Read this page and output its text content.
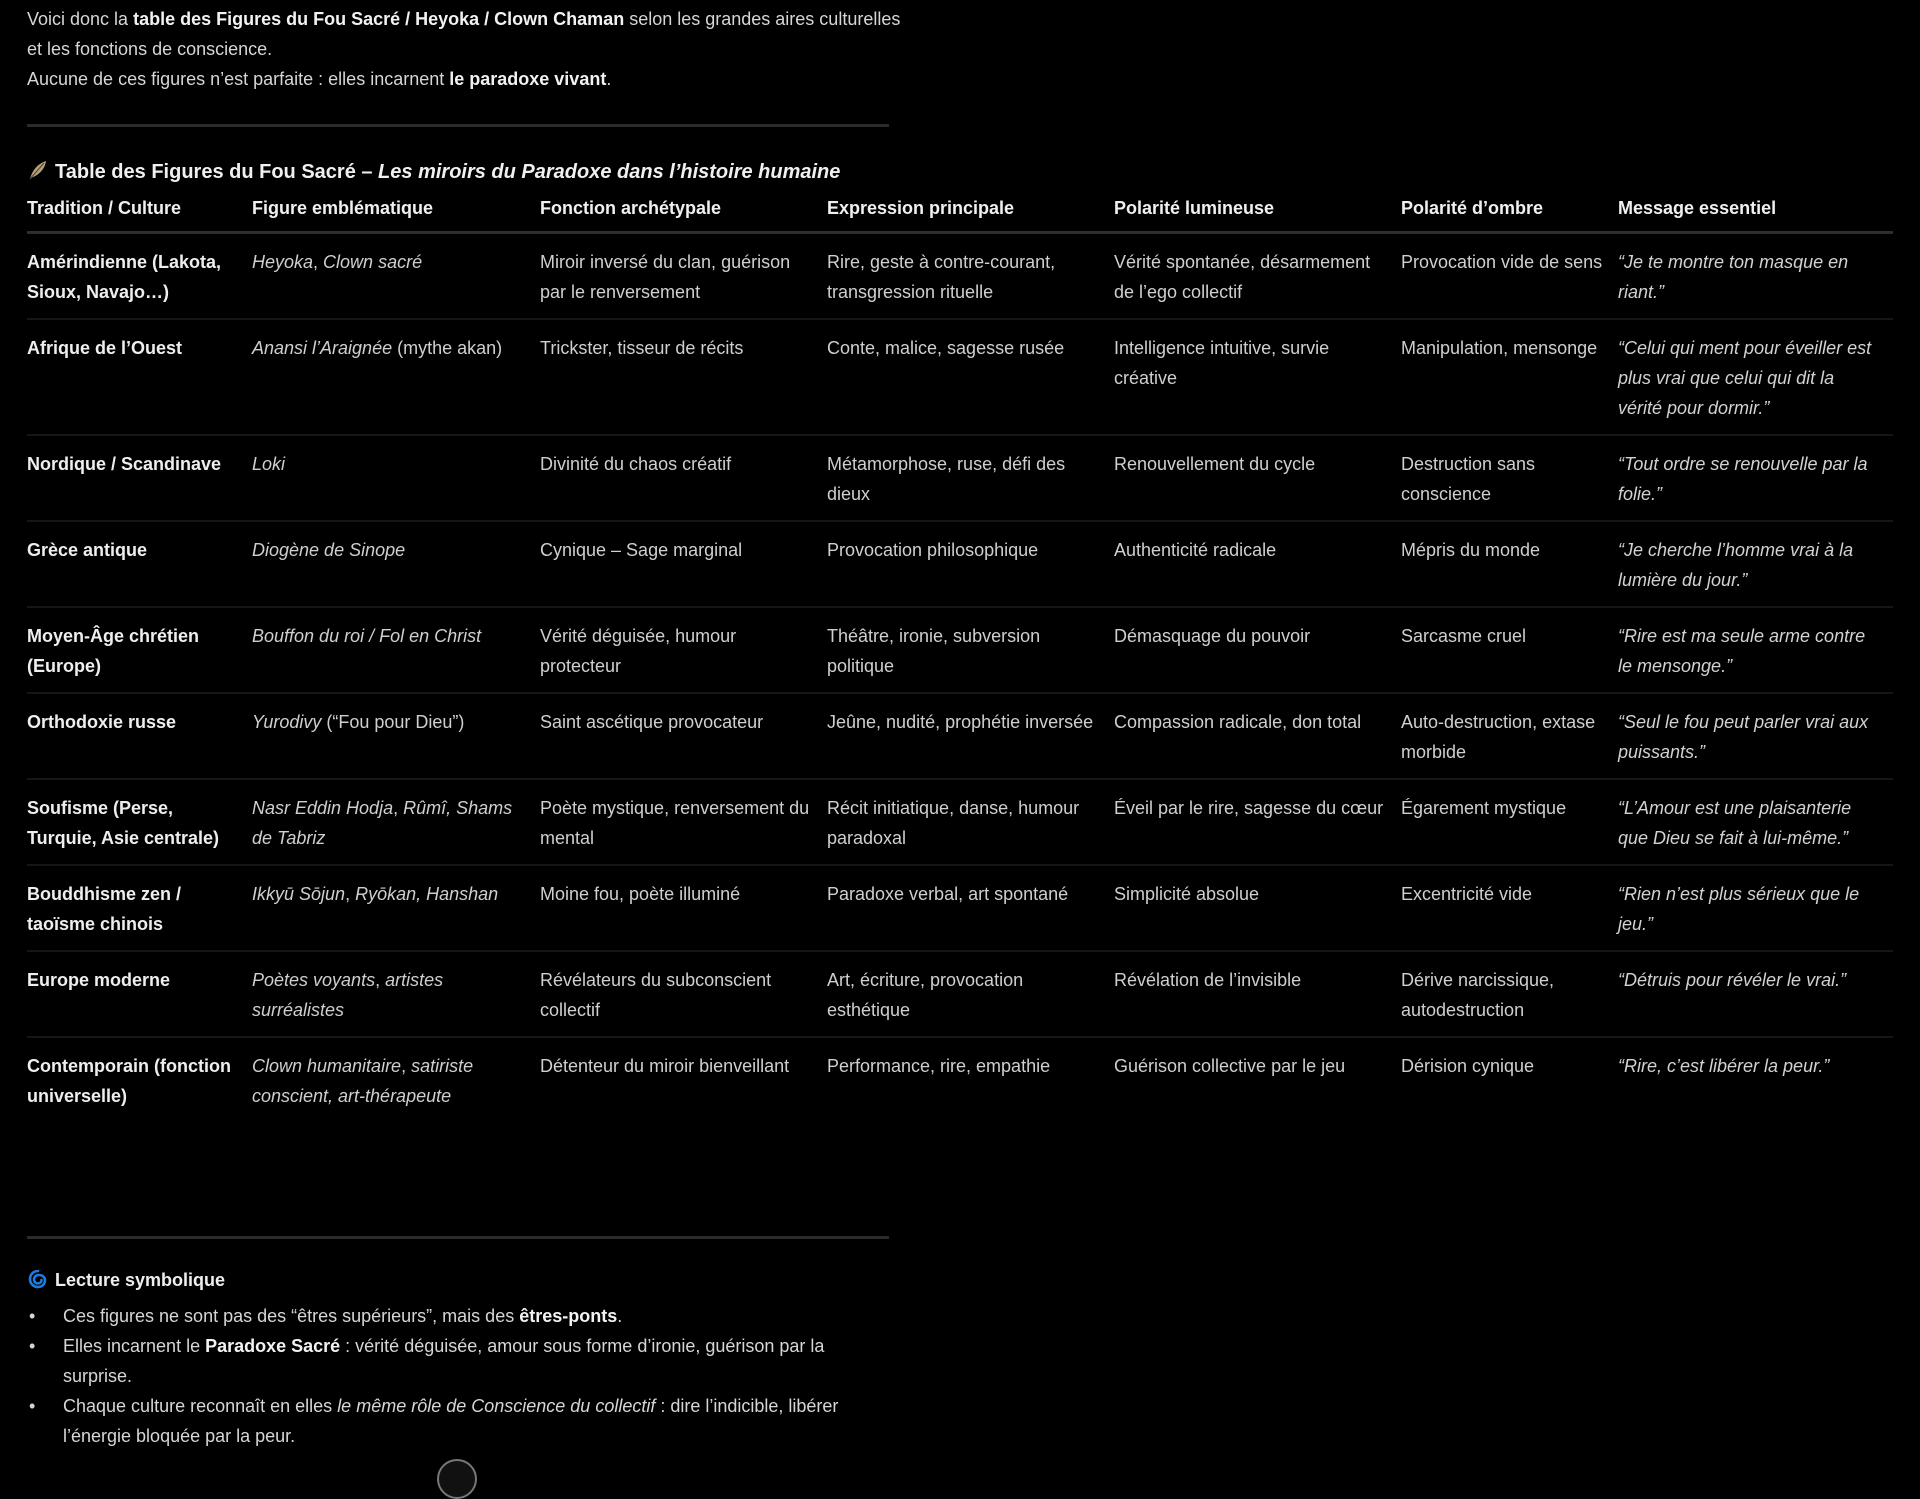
Voici donc la table des Figures du Fou Sacré / Heyoka / Clown Chaman selon les grandes aires culturelles et les fonctions de conscience.
Aucune de ces figures n’est parfaite : elles incarnent le paradoxe vivant.
Table des Figures du Fou Sacré – Les miroirs du Paradoxe dans l’histoire humaine
Tradition / Culture	Figure emblématique	Fonction archétypale	Expression principale	Polarité lumineuse	Polarité d’ombre	Message essentiel
Amérindienne (Lakota, Sioux, Navajo…)	Heyoka, Clown sacré	Miroir inversé du clan, guérison par le renversement	Rire, geste à contre-courant, transgression rituelle	Vérité spontanée, désarmement de l’ego collectif	Provocation vide de sens	“Je te montre ton masque en riant.”
Afrique de l’Ouest	Anansi l’Araignée (mythe akan)	Trickster, tisseur de récits	Conte, malice, sagesse rusée	Intelligence intuitive, survie créative	Manipulation, mensonge	“Celui qui ment pour éveiller est plus vrai que celui qui dit la vérité pour dormir.”
Nordique / Scandinave	Loki	Divinité du chaos créatif	Métamorphose, ruse, défi des dieux	Renouvellement du cycle	Destruction sans conscience	“Tout ordre se renouvelle par la folie.”
Grèce antique	Diogène de Sinope	Cynique – Sage marginal	Provocation philosophique	Authenticité radicale	Mépris du monde	“Je cherche l’homme vrai à la lumière du jour.”
Moyen-Âge chrétien (Europe)	Bouffon du roi / Fol en Christ	Vérité déguisée, humour protecteur	Théâtre, ironie, subversion politique	Démasquage du pouvoir	Sarcasme cruel	“Rire est ma seule arme contre le mensonge.”
Orthodoxie russe	Yurodivy (“Fou pour Dieu”)	Saint ascétique provocateur	Jeûne, nudité, prophétie inversée	Compassion radicale, don total	Auto-destruction, extase morbide	“Seul le fou peut parler vrai aux puissants.”
Soufisme (Perse, Turquie, Asie centrale)	Nasr Eddin Hodja, Rûmî, Shams de Tabriz	Poète mystique, renversement du mental	Récit initiatique, danse, humour paradoxal	Éveil par le rire, sagesse du cœur	Égarement mystique	“L’Amour est une plaisanterie que Dieu se fait à lui-même.”
Bouddhisme zen / taoïsme chinois	Ikkyū Sōjun, Ryōkan, Hanshan	Moine fou, poète illuminé	Paradoxe verbal, art spontané	Simplicité absolue	Excentricité vide	“Rien n’est plus sérieux que le jeu.”
Europe moderne	Poètes voyants, artistes surréalistes	Révélateurs du subconscient collectif	Art, écriture, provocation esthétique	Révélation de l’invisible	Dérive narcissique, autodestruction	“Détruis pour révéler le vrai.”
Contemporain (fonction universelle)	Clown humanitaire, satiriste conscient, art-thérapeute	Détenteur du miroir bienveillant	Performance, rire, empathie	Guérison collective par le jeu	Dérision cynique	“Rire, c’est libérer la peur.”
Lecture symbolique
• Ces figures ne sont pas des “êtres supérieurs”, mais des êtres-ponts.
• Elles incarnent le Paradoxe Sacré : vérité déguisée, amour sous forme d’ironie, guérison par la surprise.
• Chaque culture reconnaît en elles le même rôle de Conscience du collectif : dire l’indicible, libérer l’énergie bloquée par la peur.
